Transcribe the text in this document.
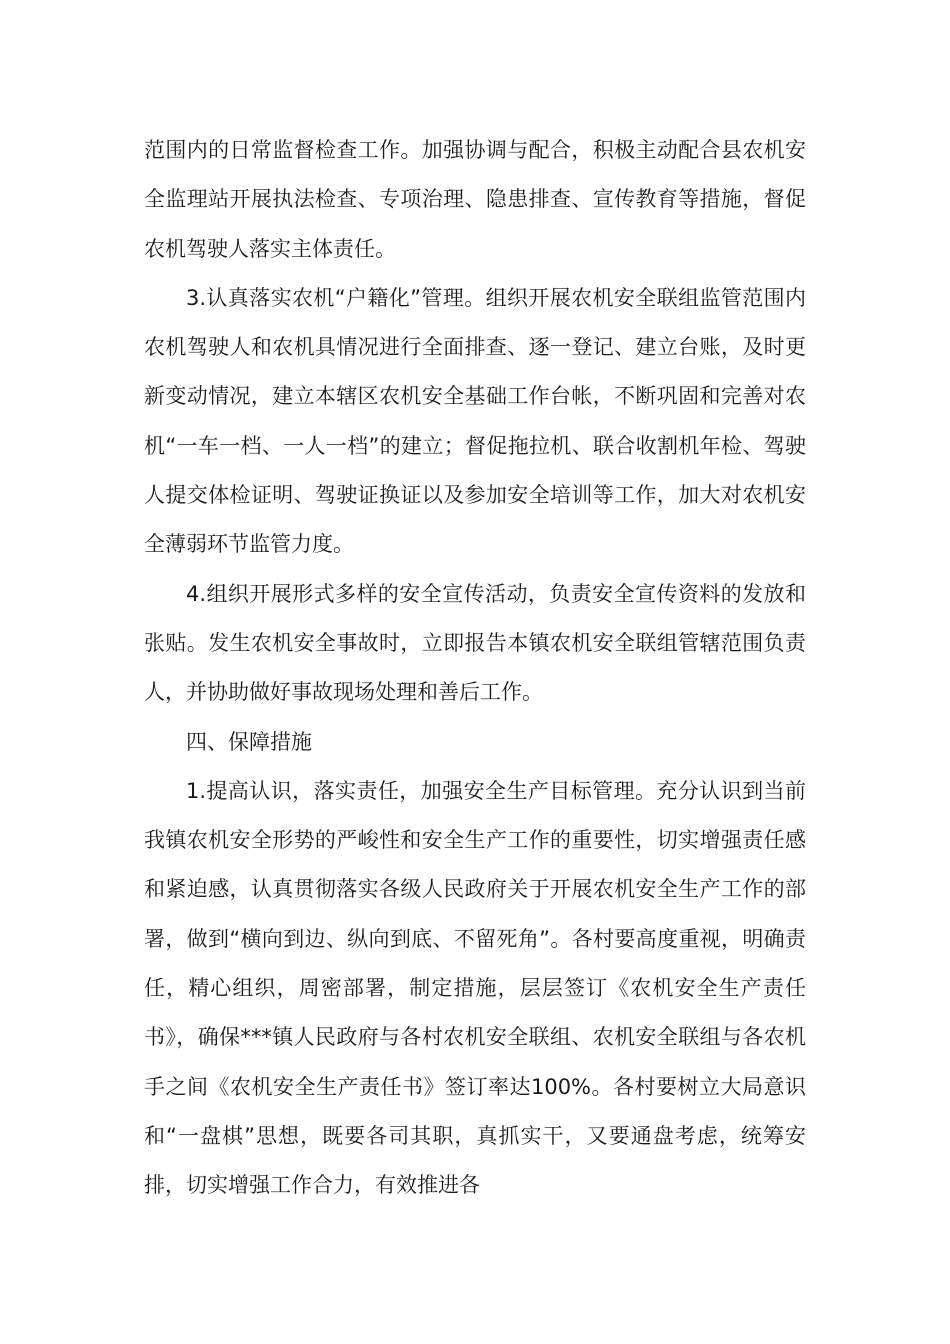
范围内的日常监督检查工作。加强协调与配合，积极主动配合县农机安全监理站开展执法检查、专项治理、隐患排查、宣传教育等措施，督促农机驾驶人落实主体责任。

3.认真落实农机“户籍化”管理。组织开展农机安全联组监管范围内农机驾驶人和农机具情况进行全面排查、逐一登记、建立台账，及时更新变动情况，建立本辖区农机安全基础工作台帐，不断巩固和完善对农机“一车一档、一人一档”的建立；督促拖拉机、联合收割机年检、驾驶人提交体检证明、驾驶证换证以及参加安全培训等工作，加大对农机安全薄弱环节监管力度。

4.组织开展形式多样的安全宣传活动，负责安全宣传资料的发放和张贴。发生农机安全事故时，立即报告本镇农机安全联组管辖范围负责人，并协助做好事故现场处理和善后工作。

四、保障措施

1.提高认识，落实责任，加强安全生产目标管理。充分认识到当前我镇农机安全形势的严峻性和安全生产工作的重要性，切实增强责任感和紧迫感，认真贯彻落实各级人民政府关于开展农机安全生产工作的部署，做到“横向到边、纵向到底、不留死角”。各村要高度重视，明确责任，精心组织，周密部署，制定措施，层层签订《农机安全生产责任书》，确保***镇人民政府与各村农机安全联组、农机安全联组与各农机手之间《农机安全生产责任书》签订率达100%。各村要树立大局意识和“一盘棋”思想，既要各司其职，真抓实干，又要通盘考虑，统筹安排，切实增强工作合力，有效推进各
